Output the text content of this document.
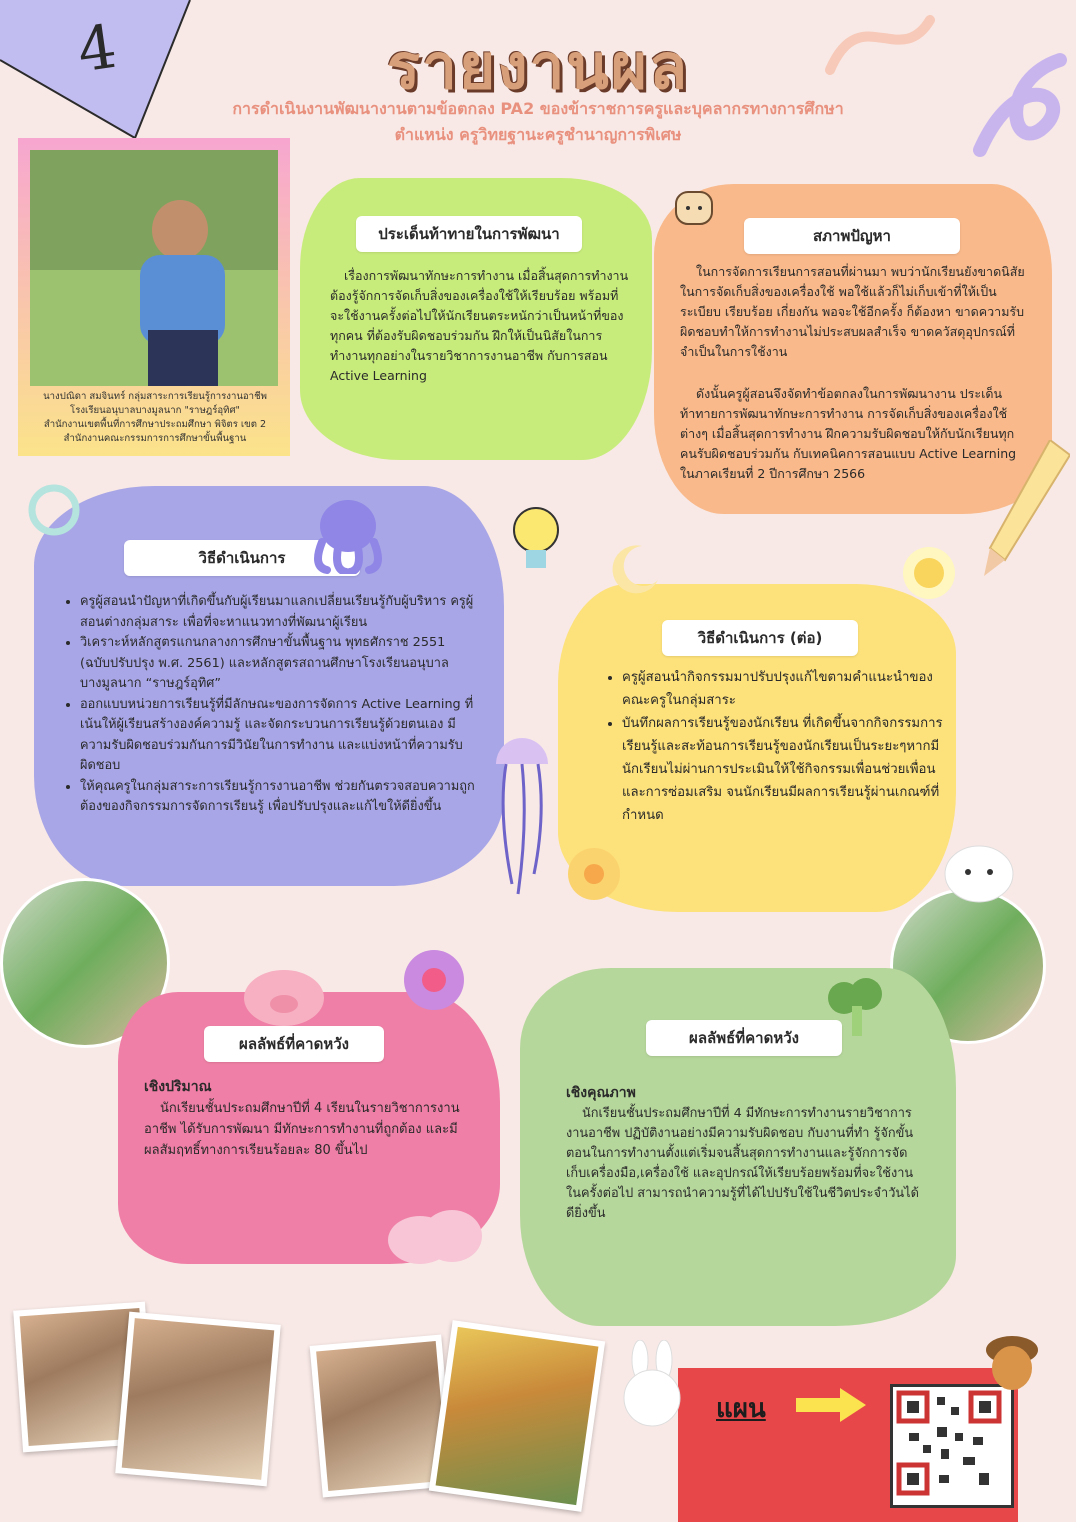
4	รายงานผล
การดำเนินงานพัฒนางานตามข้อตกลง PA2 ของข้าราชการครูและบุคลากรทางการศึกษา
ตำแหน่ง ครูวิทยฐานะครูชำนาญการพิเศษ
นางปณิดา สมจินทร์ กลุ่มสาระการเรียนรู้การงานอาชีพ
โรงเรียนอนุบาลบางมูลนาก "ราษฎร์อุทิศ"
สำนักงานเขตพื้นที่การศึกษาประถมศึกษา พิจิตร เขต 2
สำนักงานคณะกรรมการการศึกษาขั้นพื้นฐาน
ประเด็นท้าทายในการพัฒนา
เรื่องการพัฒนาทักษะการทำงาน เมื่อสิ้นสุดการทำงานต้องรู้จักการจัดเก็บสิ่งของเครื่องใช้ให้เรียบร้อย พร้อมที่จะใช้งานครั้งต่อไปให้นักเรียนตระหนักว่าเป็นหน้าที่ของทุกคน ที่ต้องรับผิดชอบร่วมกัน ฝึกให้เป็นนิสัยในการทำงานทุกอย่างในรายวิชาการงานอาชีพ กับการสอน Active Learning
สภาพปัญหา
ในการจัดการเรียนการสอนที่ผ่านมา พบว่านักเรียนยังขาดนิสัยในการจัดเก็บสิ่งของเครื่องใช้ พอใช้แล้วก็ไม่เก็บเข้าที่ให้เป็นระเบียบ เรียบร้อย เกี่ยงกัน พอจะใช้อีกครั้ง ก็ต้องหา ขาดความรับผิดชอบทำให้การทำงานไม่ประสบผลสำเร็จ ขาดควัสดุอุปกรณ์ที่จำเป็นในการใช้งาน
ดังนั้นครูผู้สอนจึงจัดทำข้อตกลงในการพัฒนางาน ประเด็นท้าทายการพัฒนาทักษะการทำงาน การจัดเก็บสิ่งของเครื่องใช้ต่างๆ เมื่อสิ้นสุดการทำงาน ฝึกความรับผิดชอบให้กับนักเรียนทุกคนรับผิดชอบร่วมกัน กับเทคนิคการสอนแบบ Active Learning ในภาคเรียนที่ 2 ปีการศึกษา 2566
วิธีดำเนินการ
• ครูผู้สอนนำปัญหาที่เกิดขึ้นกับผู้เรียนมาแลกเปลี่ยนเรียนรู้กับผู้บริหาร ครูผู้สอนต่างกลุ่มสาระ เพื่อที่จะหาแนวทางที่พัฒนาผู้เรียน
• วิเคราะห์หลักสูตรแกนกลางการศึกษาขั้นพื้นฐาน พุทธศักราช 2551 (ฉบับปรับปรุง พ.ศ. 2561) และหลักสูตรสถานศึกษาโรงเรียนอนุบาลบางมูลนาก “ราษฎร์อุทิศ”
• ออกแบบหน่วยการเรียนรู้ที่มีลักษณะของการจัดการ Active Learning ที่เน้นให้ผู้เรียนสร้างองค์ความรู้ และจัดกระบวนการเรียนรู้ด้วยตนเอง มีความรับผิดชอบร่วมกันการมีวินัยในการทำงาน และแบ่งหน้าที่ความรับผิดชอบ
• ให้คุณครูในกลุ่มสาระการเรียนรู้การงานอาชีพ ช่วยกันตรวจสอบความถูกต้องของกิจกรรมการจัดการเรียนรู้ เพื่อปรับปรุงและแก้ไขให้ดียิ่งขึ้น
วิธีดำเนินการ (ต่อ)
• ครูผู้สอนนำกิจกรรมมาปรับปรุงแก้ไขตามคำแนะนำของคณะครูในกลุ่มสาระ
• บันทึกผลการเรียนรู้ของนักเรียน ที่เกิดขึ้นจากกิจกรรมการเรียนรู้และสะท้อนการเรียนรู้ของนักเรียนเป็นระยะๆหากมีนักเรียนไม่ผ่านการประเมินให้ใช้กิจกรรมเพื่อนช่วยเพื่อนและการซ่อมเสริม จนนักเรียนมีผลการเรียนรู้ผ่านเกณฑ์ที่กำหนด
ผลลัพธ์ที่คาดหวัง
เชิงปริมาณ
นักเรียนชั้นประถมศึกษาปีที่ 4 เรียนในรายวิชาการงานอาชีพ ได้รับการพัฒนา มีทักษะการทำงานที่ถูกต้อง และมีผลสัมฤทธิ์ทางการเรียนร้อยละ 80 ขึ้นไป
ผลลัพธ์ที่คาดหวัง
เชิงคุณภาพ
นักเรียนชั้นประถมศึกษาปีที่ 4 มีทักษะการทำงานรายวิชาการงานอาชีพ ปฏิบัติงานอย่างมีความรับผิดชอบ กับงานที่ทำ รู้จักขั้นตอนในการทำงานตั้งแต่เริ่มจนสิ้นสุดการทำงานและรู้จักการจัดเก็บเครื่องมือ,เครื่องใช้ และอุปกรณ์ให้เรียบร้อยพร้อมที่จะใช้งานในครั้งต่อไป สามารถนำความรู้ที่ได้ไปปรับใช้ในชีวิตประจำวันได้ดียิ่งขึ้น
แผน
